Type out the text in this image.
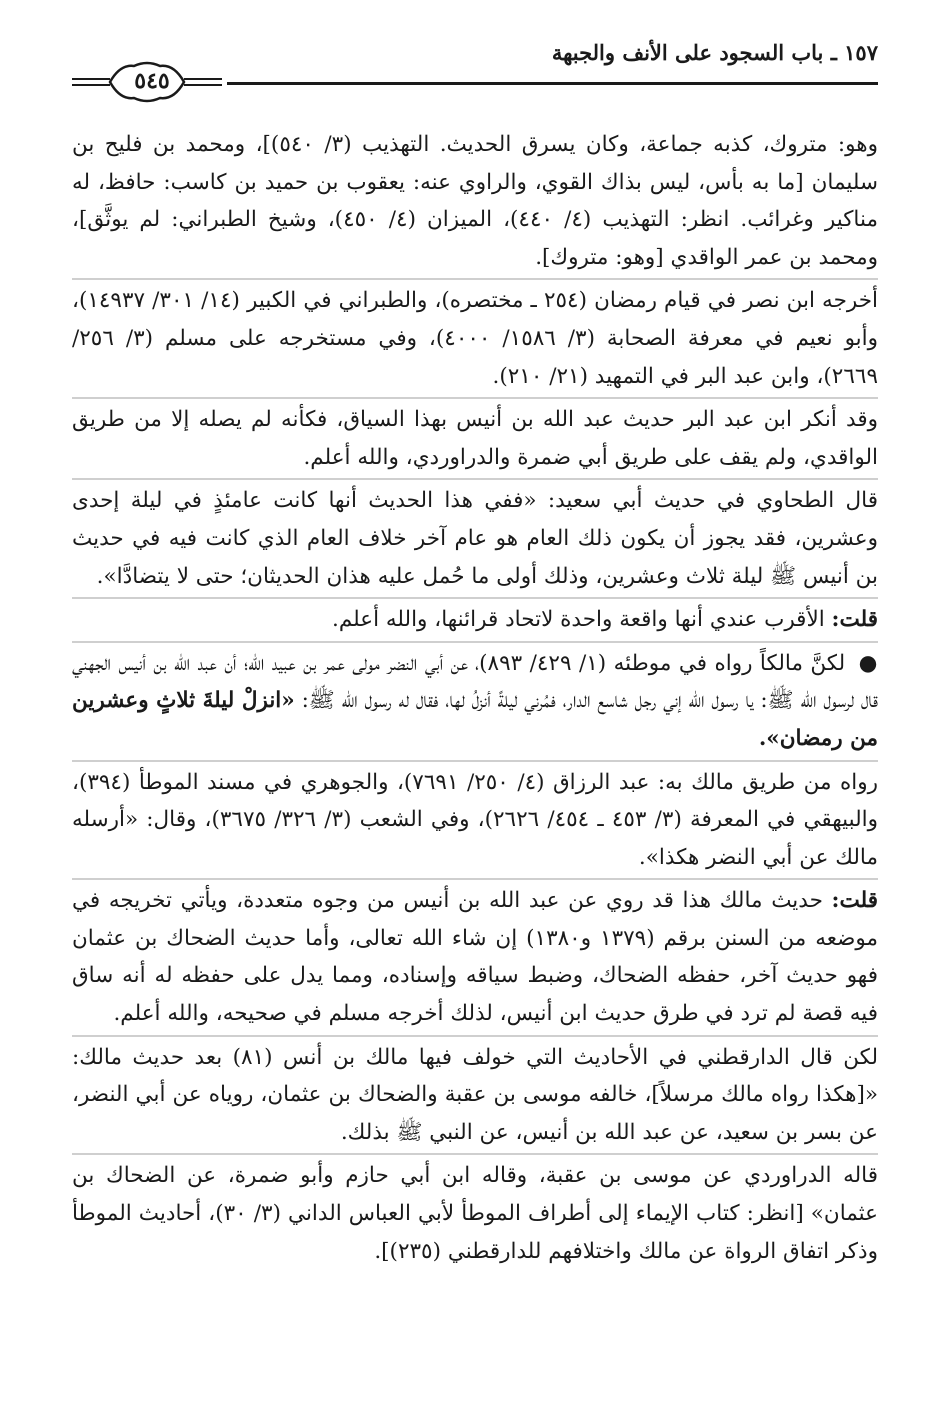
١٥٧ ـ باب السجود على الأنف والجبهة
٥٤٥

وهو: متروك، كذبه جماعة، وكان يسرق الحديث. التهذيب (٣/ ٥٤٠)]، ومحمد بن فليح بن سليمان [ما به بأس، ليس بذاك القوي، والراوي عنه: يعقوب بن حميد بن كاسب: حافظ، له مناكير وغرائب. انظر: التهذيب (٤/ ٤٤٠)، الميزان (٤/ ٤٥٠)، وشيخ الطبراني: لم يوثَّق]، ومحمد بن عمر الواقدي [وهو: متروك].

أخرجه ابن نصر في قيام رمضان (٢٥٤ ـ مختصره)، والطبراني في الكبير (١٤/ ٣٠١/ ١٤٩٣٧)، وأبو نعيم في معرفة الصحابة (٣/ ١٥٨٦/ ٤٠٠٠)، وفي مستخرجه على مسلم (٣/ ٢٥٦/ ٢٦٦٩)، وابن عبد البر في التمهيد (٢١/ ٢١٠).

وقد أنكر ابن عبد البر حديث عبد الله بن أنيس بهذا السياق، فكأنه لم يصله إلا من طريق الواقدي، ولم يقف على طريق أبي ضمرة والدراوردي، والله أعلم.

قال الطحاوي في حديث أبي سعيد: «ففي هذا الحديث أنها كانت عامئذٍ في ليلة إحدى وعشرين، فقد يجوز أن يكون ذلك العام هو عام آخر خلاف العام الذي كانت فيه في حديث بن أنيس ﷺ ليلة ثلاث وعشرين، وذلك أولى ما حُمل عليه هذان الحديثان؛ حتى لا يتضادَّا».

قلت: الأقرب عندي أنها واقعة واحدة لاتحاد قرائنها، والله أعلم.

● لكنَّ مالكاً رواه في موطئه (١/ ٤٢٩/ ٨٩٣)، عن أبي النضر مولى عمر بن عبيد الله؛ أن عبد الله بن أنيس الجهني قال لرسول الله ﷺ: يا رسول الله إني رجل شاسع الدار، فمُرني ليلةً أنزلُ لها، فقال له رسول الله ﷺ: «انزلْ ليلةَ ثلاثٍ وعشرين من رمضان».

رواه من طريق مالك به: عبد الرزاق (٤/ ٢٥٠/ ٧٦٩١)، والجوهري في مسند الموطأ (٣٩٤)، والبيهقي في المعرفة (٣/ ٤٥٣ ـ ٤٥٤/ ٢٦٢٦)، وفي الشعب (٣/ ٣٢٦/ ٣٦٧٥)، وقال: «أرسله مالك عن أبي النضر هكذا».

قلت: حديث مالك هذا قد روي عن عبد الله بن أنيس من وجوه متعددة، ويأتي تخريجه في موضعه من السنن برقم (١٣٧٩ و١٣٨٠) إن شاء الله تعالى، وأما حديث الضحاك بن عثمان فهو حديث آخر، حفظه الضحاك، وضبط سياقه وإسناده، ومما يدل على حفظه له أنه ساق فيه قصة لم ترد في طرق حديث ابن أنيس، لذلك أخرجه مسلم في صحيحه، والله أعلم.

لكن قال الدارقطني في الأحاديث التي خولف فيها مالك بن أنس (٨١) بعد حديث مالك: «[هكذا رواه مالك مرسلاً]، خالفه موسى بن عقبة والضحاك بن عثمان، روياه عن أبي النضر، عن بسر بن سعيد، عن عبد الله بن أنيس، عن النبي ﷺ بذلك.

قاله الدراوردي عن موسى بن عقبة، وقاله ابن أبي حازم وأبو ضمرة، عن الضحاك بن عثمان» [انظر: كتاب الإيماء إلى أطراف الموطأ لأبي العباس الداني (٣/ ٣٠)، أحاديث الموطأ وذكر اتفاق الرواة عن مالك واختلافهم للدارقطني (٢٣٥)].
